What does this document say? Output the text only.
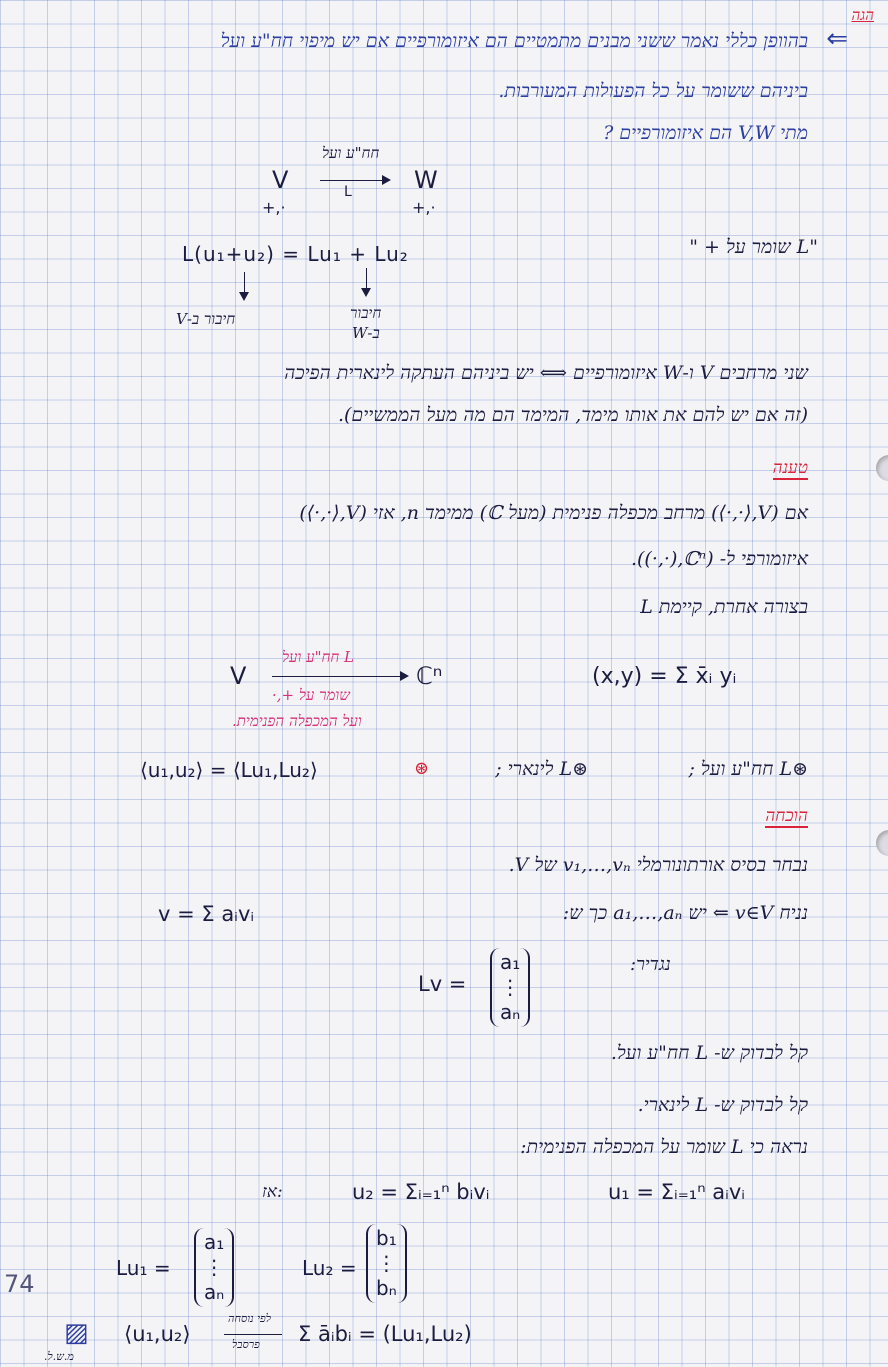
הגה
⇐
בהוופן כללי נאמר ששני מבנים מתמטיים הם איזומורפיים אם יש מיפוי חח"ע ועל
ביניהם ששומר על כל הפעולות המעורבות.
מתי V,W הם איזומורפיים ?
V
חח"ע ועל
L	W
+,·	+,·
L(u₁+u₂) = Lu₁ + Lu₂	"L שומר על + "
חיבור ב-V	חיבור
ב-W
שני מרחבים V ו-W איזומורפיים ⟺ יש ביניהם העתקה לינארית הפיכה
(זה אם יש להם את אותו מימד, המימד הם מה מעל הממשיים).
טענה
אם (V,⟨·,·⟩) מרחב מכפלה פנימית (מעל ℂ) ממימד n, אזי (V,⟨·,·⟩)
איזומורפי ל- (ℂⁿ,(·,·)).
בצורה אחרת, קיימת L
V
L חח"ע ועל
ℂⁿ	(x,y) = Σ x̄ᵢ yᵢ
שומר על +,·
ועל המכפלה הפנימית.
⟨u₁,u₂⟩ = ⟨Lu₁,Lu₂⟩	⊛	⊛L חח"ע ועל ;
⊛L לינארי ;
הוכחה
נבחר בסיס אורתונורמלי v₁,…,vₙ של V.
נניח v∈V ⇐ יש a₁,…,aₙ כך ש:
v = Σ aᵢvᵢ
נגדיר:
Lv =
a₁
⋮
aₙ
קל לבדוק ש- L חח"ע ועל.
קל לבדוק ש- L לינארי.
נראה כי L שומר על המכפלה הפנימית:
u₁ = Σᵢ₌₁ⁿ aᵢvᵢ
u₂ = Σᵢ₌₁ⁿ bᵢvᵢ
:אז
Lu₁ =
a₁
⋮
aₙ
Lu₂ =
b₁
⋮
bₙ
▨
מ.ש.ל.
⟨u₁,u₂⟩
לפי נוסחה
פרסבל Σ āᵢbᵢ = (Lu₁,Lu₂)
74
